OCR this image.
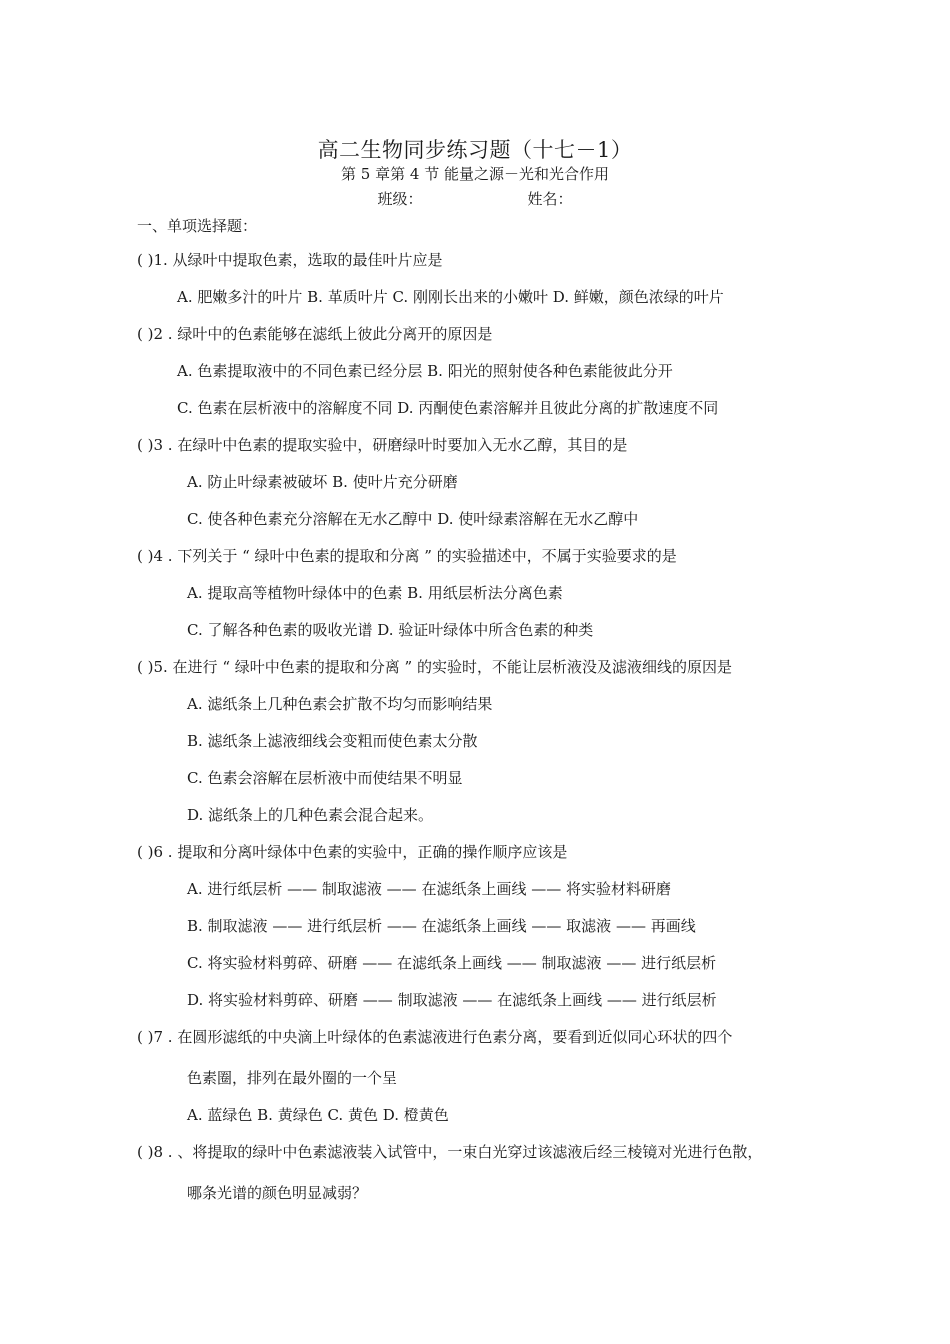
高二生物同步练习题（十七－1）
第 5 章第 4 节 能量之源－光和光合作用
班级：	姓名：
一、单项选择题：
( )1. 从绿叶中提取色素，选取的最佳叶片应是
A. 肥嫩多汁的叶片 B. 革质叶片 C. 刚刚长出来的小嫩叶 D. 鲜嫩，颜色浓绿的叶片
( )2 . 绿叶中的色素能够在滤纸上彼此分离开的原因是
A. 色素提取液中的不同色素已经分层 B. 阳光的照射使各种色素能彼此分开
C. 色素在层析液中的溶解度不同 D. 丙酮使色素溶解并且彼此分离的扩散速度不同
( )3 . 在绿叶中色素的提取实验中，研磨绿叶时要加入无水乙醇，其目的是
A. 防止叶绿素被破坏 B. 使叶片充分研磨
C. 使各种色素充分溶解在无水乙醇中 D. 使叶绿素溶解在无水乙醇中
( )4 . 下列关于 “ 绿叶中色素的提取和分离 ” 的实验描述中，不属于实验要求的是
A. 提取高等植物叶绿体中的色素 B. 用纸层析法分离色素
C. 了解各种色素的吸收光谱 D. 验证叶绿体中所含色素的种类
( )5. 在进行 “ 绿叶中色素的提取和分离 ” 的实验时，不能让层析液没及滤液细线的原因是
A. 滤纸条上几种色素会扩散不均匀而影响结果
B. 滤纸条上滤液细线会变粗而使色素太分散
C. 色素会溶解在层析液中而使结果不明显
D. 滤纸条上的几种色素会混合起来。
( )6 . 提取和分离叶绿体中色素的实验中，正确的操作顺序应该是
A. 进行纸层析 —— 制取滤液 —— 在滤纸条上画线 —— 将实验材料研磨
B. 制取滤液 —— 进行纸层析 —— 在滤纸条上画线 —— 取滤液 —— 再画线
C. 将实验材料剪碎、研磨 —— 在滤纸条上画线 —— 制取滤液 —— 进行纸层析
D. 将实验材料剪碎、研磨 —— 制取滤液 —— 在滤纸条上画线 —— 进行纸层析
( )7 . 在圆形滤纸的中央滴上叶绿体的色素滤液进行色素分离，要看到近似同心环状的四个
色素圈，排列在最外圈的一个呈
A. 蓝绿色 B. 黄绿色 C. 黄色 D. 橙黄色
( )8 . 、将提取的绿叶中色素滤液装入试管中，一束白光穿过该滤液后经三棱镜对光进行色散，
哪条光谱的颜色明显减弱？
